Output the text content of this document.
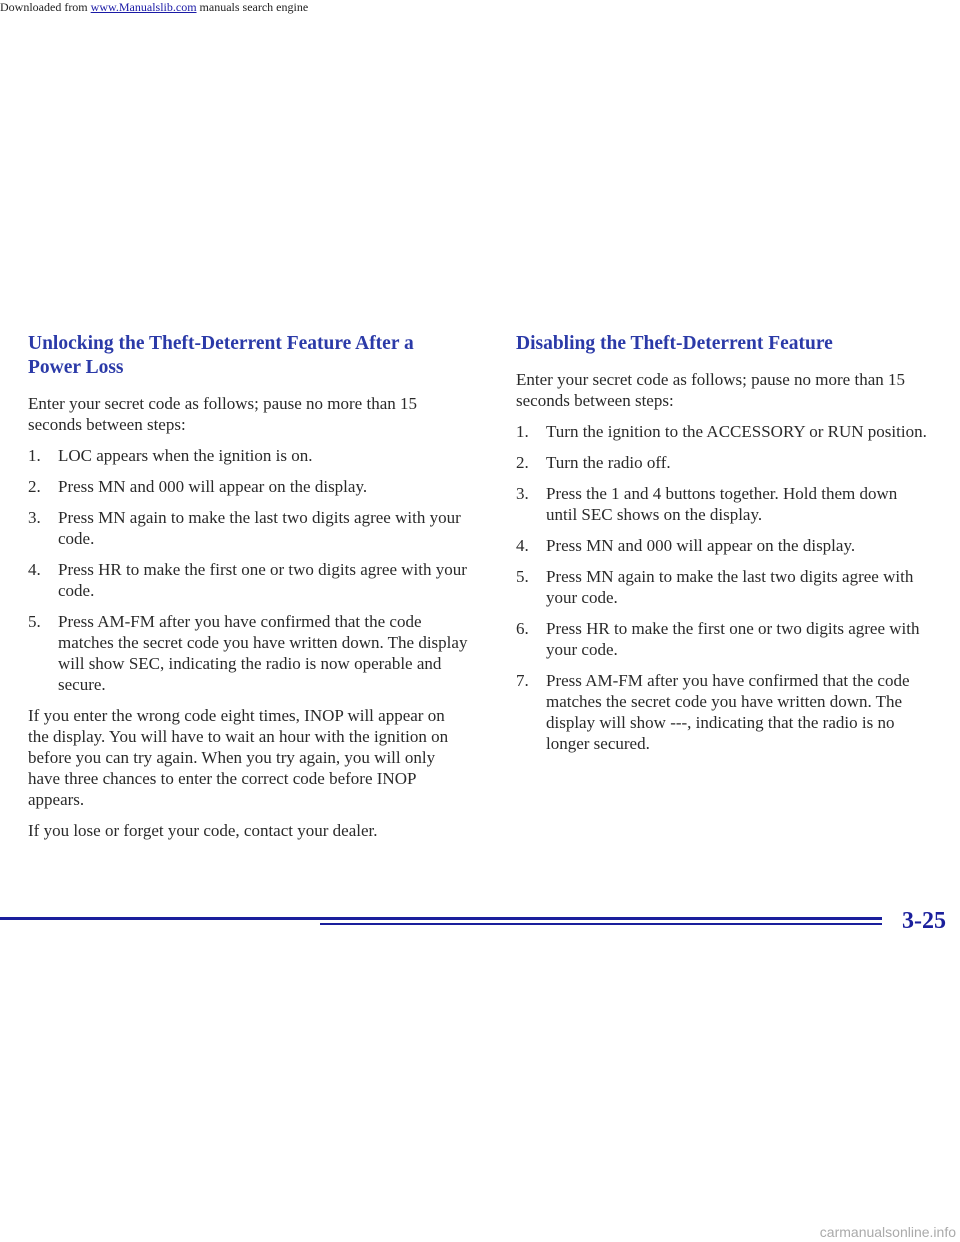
Downloaded from www.Manualslib.com manuals search engine
Unlocking the Theft-Deterrent Feature After a Power Loss

Enter your secret code as follows; pause no more than 15 seconds between steps:

1. LOC appears when the ignition is on.
2. Press MN and 000 will appear on the display.
3. Press MN again to make the last two digits agree with your code.
4. Press HR to make the first one or two digits agree with your code.
5. Press AM-FM after you have confirmed that the code matches the secret code you have written down. The display will show SEC, indicating the radio is now operable and secure.

If you enter the wrong code eight times, INOP will appear on the display. You will have to wait an hour with the ignition on before you can try again. When you try again, you will only have three chances to enter the correct code before INOP appears.

If you lose or forget your code, contact your dealer.

Disabling the Theft-Deterrent Feature

Enter your secret code as follows; pause no more than 15 seconds between steps:

1. Turn the ignition to the ACCESSORY or RUN position.
2. Turn the radio off.
3. Press the 1 and 4 buttons together. Hold them down until SEC shows on the display.
4. Press MN and 000 will appear on the display.
5. Press MN again to make the last two digits agree with your code.
6. Press HR to make the first one or two digits agree with your code.
7. Press AM-FM after you have confirmed that the code matches the secret code you have written down. The display will show ---, indicating that the radio is no longer secured.
3-25
carmanualsonline.info
